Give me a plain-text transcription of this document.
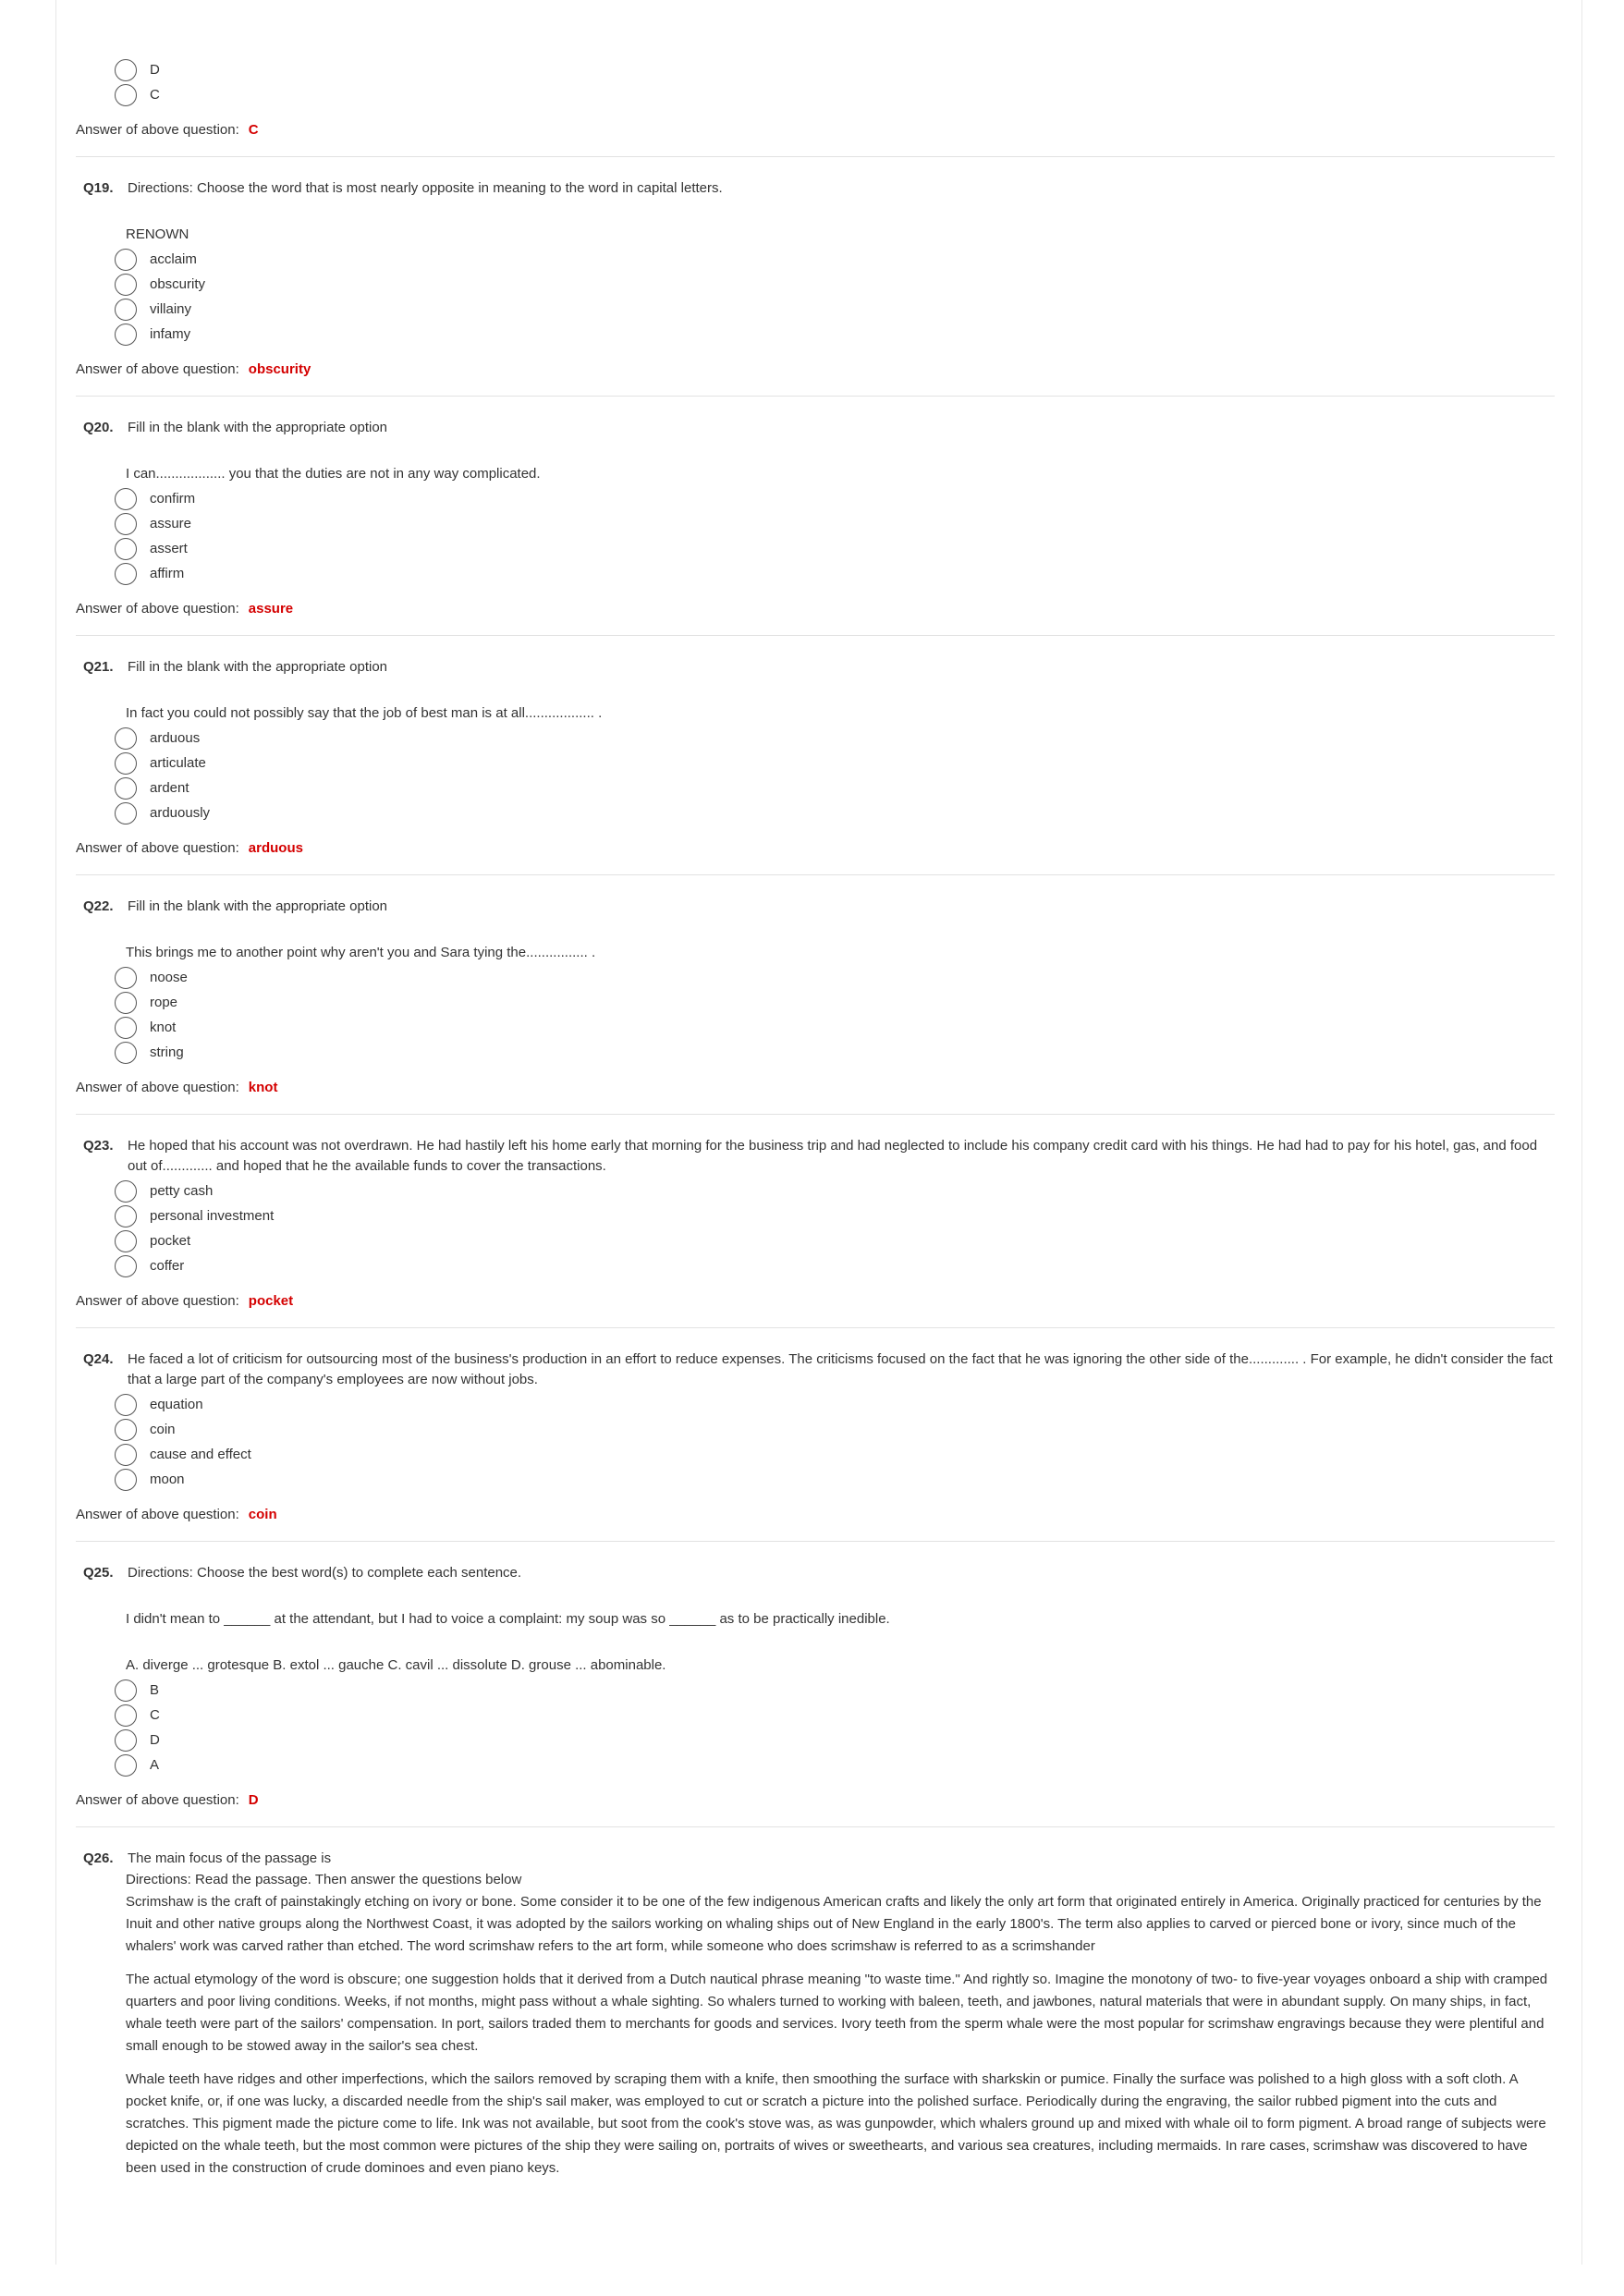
D
C
Answer of above question: C
Q19.	Directions: Choose the word that is most nearly opposite in meaning to the word in capital letters.
RENOWN
acclaim
obscurity
villainy
infamy
Answer of above question: obscurity
Q20.	Fill in the blank with the appropriate option
I can.................. you that the duties are not in any way complicated.
confirm
assure
assert
affirm
Answer of above question: assure
Q21.	Fill in the blank with the appropriate option
In fact you could not possibly say that the job of best man is at all.................. .
arduous
articulate
ardent
arduously
Answer of above question: arduous
Q22.	Fill in the blank with the appropriate option
This brings me to another point why aren't you and Sara tying the................ .
noose
rope
knot
string
Answer of above question: knot
Q23.	He hoped that his account was not overdrawn. He had hastily left his home early that morning for the business trip and had neglected to include his company credit card with his things. He had had to pay for his hotel, gas, and food out of............. and hoped that he the available funds to cover the transactions.
petty cash
personal investment
pocket
coffer
Answer of above question: pocket
Q24.	He faced a lot of criticism for outsourcing most of the business's production in an effort to reduce expenses. The criticisms focused on the fact that he was ignoring the other side of the............. . For example, he didn't consider the fact that a large part of the company's employees are now without jobs.
equation
coin
cause and effect
moon
Answer of above question: coin
Q25.	Directions: Choose the best word(s) to complete each sentence.
I didn't mean to ______ at the attendant, but I had to voice a complaint: my soup was so ______ as to be practically inedible.
A. diverge ... grotesque B. extol ... gauche C. cavil ... dissolute D. grouse ... abominable.
B
C
D
A
Answer of above question: D
Q26.	The main focus of the passage is
Directions: Read the passage. Then answer the questions below
Scrimshaw is the craft of painstakingly etching on ivory or bone. Some consider it to be one of the few indigenous American crafts and likely the only art form that originated entirely in America. Originally practiced for centuries by the Inuit and other native groups along the Northwest Coast, it was adopted by the sailors working on whaling ships out of New England in the early 1800's. The term also applies to carved or pierced bone or ivory, since much of the whalers' work was carved rather than etched. The word scrimshaw refers to the art form, while someone who does scrimshaw is referred to as a scrimshander
The actual etymology of the word is obscure; one suggestion holds that it derived from a Dutch nautical phrase meaning "to waste time." And rightly so. Imagine the monotony of two- to five-year voyages onboard a ship with cramped quarters and poor living conditions. Weeks, if not months, might pass without a whale sighting. So whalers turned to working with baleen, teeth, and jawbones, natural materials that were in abundant supply. On many ships, in fact, whale teeth were part of the sailors' compensation. In port, sailors traded them to merchants for goods and services. Ivory teeth from the sperm whale were the most popular for scrimshaw engravings because they were plentiful and small enough to be stowed away in the sailor's sea chest.
Whale teeth have ridges and other imperfections, which the sailors removed by scraping them with a knife, then smoothing the surface with sharkskin or pumice. Finally the surface was polished to a high gloss with a soft cloth. A pocket knife, or, if one was lucky, a discarded needle from the ship's sail maker, was employed to cut or scratch a picture into the polished surface. Periodically during the engraving, the sailor rubbed pigment into the cuts and scratches. This pigment made the picture come to life. Ink was not available, but soot from the cook's stove was, as was gunpowder, which whalers ground up and mixed with whale oil to form pigment. A broad range of subjects were depicted on the whale teeth, but the most common were pictures of the ship they were sailing on, portraits of wives or sweethearts, and various sea creatures, including mermaids. In rare cases, scrimshaw was discovered to have been used in the construction of crude dominoes and even piano keys.
